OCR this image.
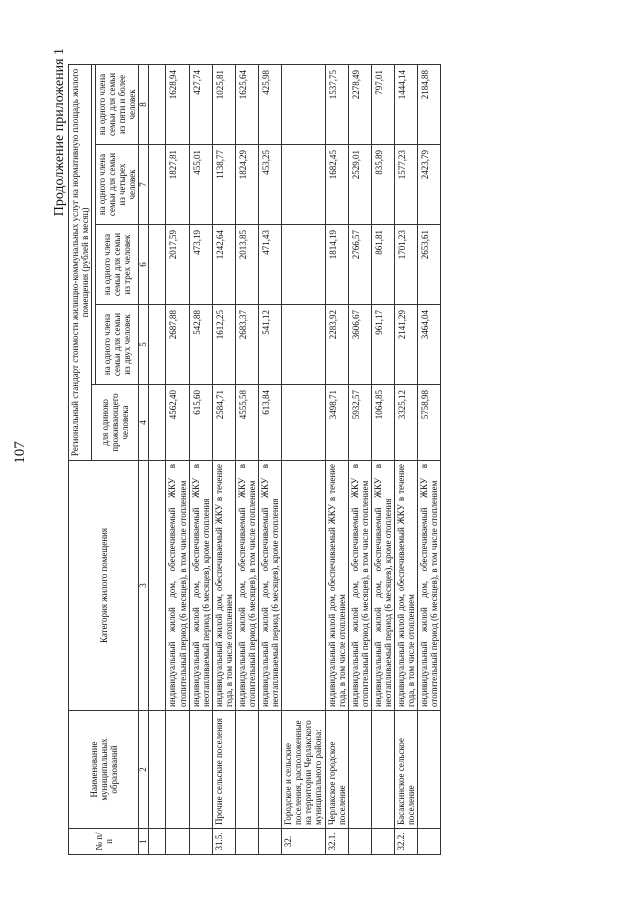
107
Продолжение приложения 1
№ п/п	Наименование муниципальных образований	Категория жилого помещения	Региональный стандарт стоимости жилищно-коммунальных услуг на нормативную площадь жилого помещения (рублей в месяц)				
			для одиноко проживающего человека				
				на одного члена семьи для семьи из двух человек	на одного члена семьи для семьи из трех человек	на одного члена семьи для семьи из четырех человек	на одного члена семьи для семьи из пяти и более человек
1	2	3	4	5	6	7	8

		индивидуальный жилой дом, обеспечиваемый ЖКУ в отопительный период (6 месяцев), в том числе отоплением	4562,40	2687,88	2017,59	1827,81	1628,94
		индивидуальный жилой дом, обеспечиваемый ЖКУ в неотапливаемый период (6 месяцев), кроме отопления	615,60	542,88	473,19	455,01	427,74
31.5.	Прочие сельские поселения	индивидуальный жилой дом, обеспечиваемый ЖКУ в течение года, в том числе отоплением	2584,71	1612,25	1242,64	1138,77	1025,81
		индивидуальный жилой дом, обеспечиваемый ЖКУ в отопительный период (6 месяцев), в том числе отоплением	4555,58	2683,37	2013,85	1824,29	1625,64
		индивидуальный жилой дом, обеспечиваемый ЖКУ в неотапливаемый период (6 месяцев), кроме отопления	613,84	541,12	471,43	453,25	425,98
32.	Городское и сельские поселения, расположенные на территории Черлакского муниципального района:						
32.1.	Черлакское городское поселение	индивидуальный жилой дом, обеспечиваемый ЖКУ в течение года, в том числе отоплением	3498,71	2283,92	1814,19	1682,45	1537,75
		индивидуальный жилой дом, обеспечиваемый ЖКУ в отопительный период (6 месяцев), в том числе отоплением	5932,57	3606,67	2766,57	2529,01	2278,49
		индивидуальный жилой дом, обеспечиваемый ЖКУ в неотапливаемый период (6 месяцев), кроме отопления	1064,85	961,17	861,81	835,89	797,01
32.2.	Басаксинское сельское поселение	индивидуальный жилой дом, обеспечиваемый ЖКУ в течение года, в том числе отоплением	3325,12	2141,29	1701,23	1577,23	1444,14
		индивидуальный жилой дом, обеспечиваемый ЖКУ в отопительный период (6 месяцев), в том числе отоплением	5758,98	3464,04	2653,61	2423,79	2184,88
